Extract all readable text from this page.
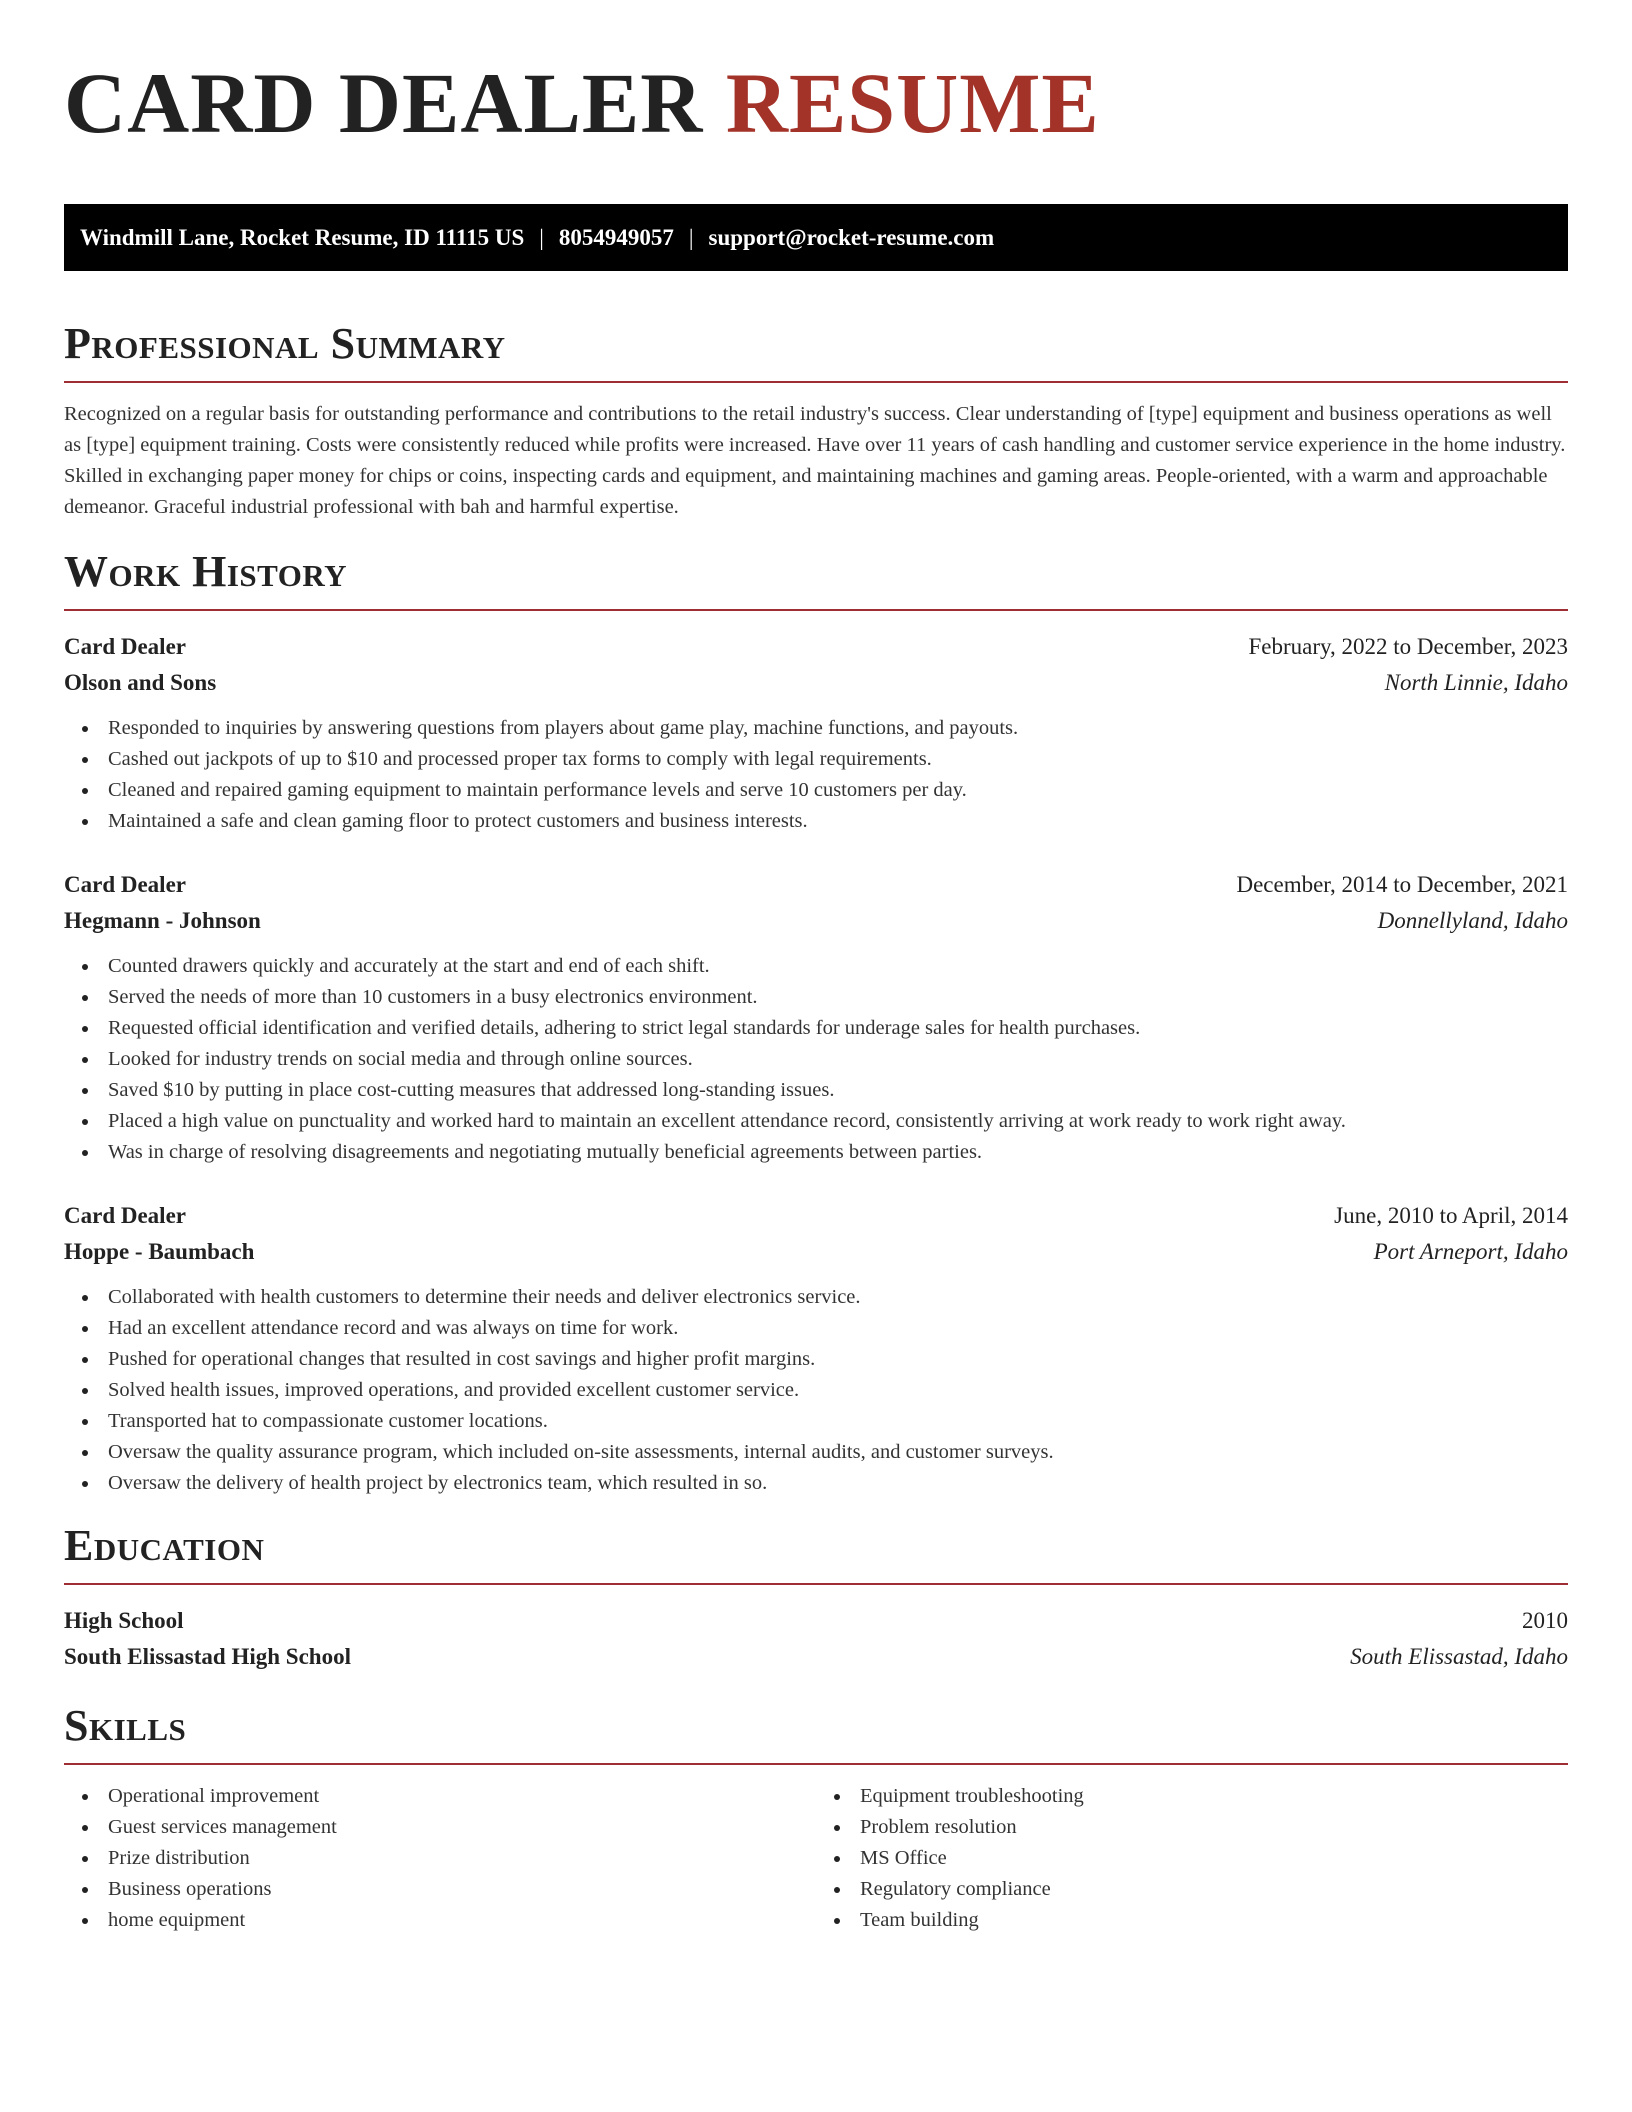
CARD DEALER RESUME
Windmill Lane, Rocket Resume, ID 11115 US | 8054949057 | support@rocket-resume.com
Professional Summary

Recognized on a regular basis for outstanding performance and contributions to the retail industry's success. Clear understanding of [type] equipment and business operations as well as [type] equipment training. Costs were consistently reduced while profits were increased. Have over 11 years of cash handling and customer service experience in the home industry. Skilled in exchanging paper money for chips or coins, inspecting cards and equipment, and maintaining machines and gaming areas. People-oriented, with a warm and approachable demeanor. Graceful industrial professional with bah and harmful expertise.

Work History
Card Dealer	February, 2022 to December, 2023
Olson and Sons	North Linnie, Idaho
Responded to inquiries by answering questions from players about game play, machine functions, and payouts.
Cashed out jackpots of up to $10 and processed proper tax forms to comply with legal requirements.
Cleaned and repaired gaming equipment to maintain performance levels and serve 10 customers per day.
Maintained a safe and clean gaming floor to protect customers and business interests.
Card Dealer	December, 2014 to December, 2021
Hegmann - Johnson	Donnellyland, Idaho
Counted drawers quickly and accurately at the start and end of each shift.
Served the needs of more than 10 customers in a busy electronics environment.
Requested official identification and verified details, adhering to strict legal standards for underage sales for health purchases.
Looked for industry trends on social media and through online sources.
Saved $10 by putting in place cost-cutting measures that addressed long-standing issues.
Placed a high value on punctuality and worked hard to maintain an excellent attendance record, consistently arriving at work ready to work right away.
Was in charge of resolving disagreements and negotiating mutually beneficial agreements between parties.
Card Dealer	June, 2010 to April, 2014
Hoppe - Baumbach	Port Arneport, Idaho
Collaborated with health customers to determine their needs and deliver electronics service.
Had an excellent attendance record and was always on time for work.
Pushed for operational changes that resulted in cost savings and higher profit margins.
Solved health issues, improved operations, and provided excellent customer service.
Transported hat to compassionate customer locations.
Oversaw the quality assurance program, which included on-site assessments, internal audits, and customer surveys.
Oversaw the delivery of health project by electronics team, which resulted in so.
Education
High School	2010
South Elissastad High School	South Elissastad, Idaho
Skills
Operational improvement
Guest services management
Prize distribution
Business operations
home equipment
Equipment troubleshooting
Problem resolution
MS Office
Regulatory compliance
Team building
